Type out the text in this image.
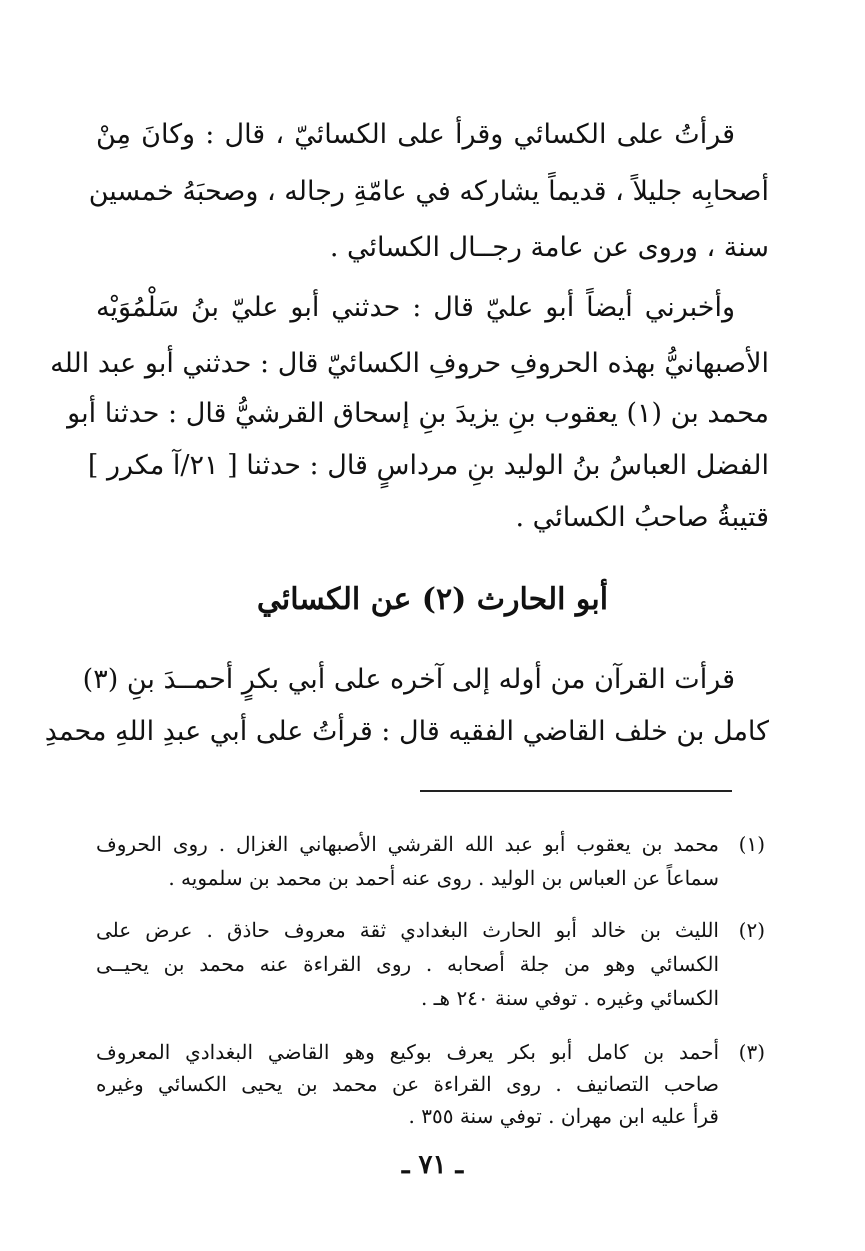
قرأتُ على الكسائي وقرأ على الكسائيّ ، قال : وكانَ مِنْ
أصحابِه جليلاً ، قديماً يشاركه في عامّةِ رجاله ، وصحبَهُ خمسين
سنة ، وروى عن عامة رجــال الكسائي .
وأخبرني أيضاً أبو عليّ قال : حدثني أبو عليّ بنُ سَلْمُوَيْه
الأصبهانيُّ بهذه الحروفِ حروفِ الكسائيّ قال : حدثني أبو عبد الله
محمد بن (١) يعقوب بنِ يزيدَ بنِ إسحاق القرشيُّ قال : حدثنا أبو
الفضل العباسُ بنُ الوليد بنِ مرداسٍ قال : حدثنا [ ٢١/آ مكرر ]
قتيبةُ صاحبُ الكسائي .
أبو الحارث (٢) عن الكسائي
قرأت القرآن من أوله إلى آخره على أبي بكرٍ أحمــدَ بنِ (٣)
كامل بن خلف القاضي الفقيه قال : قرأتُ على أبي عبدِ اللهِ محمدِ
(١)
محمد بن يعقوب أبو عبد الله القرشي الأصبهاني الغزال . روى الحروف
سماعاً عن العباس بن الوليد . روى عنه أحمد بن محمد بن سلمويه .
(٢)
الليث بن خالد أبو الحارث البغدادي ثقة معروف حاذق . عرض على
الكسائي وهو من جلة أصحابه . روى القراءة عنه محمد بن يحيــى
الكسائي وغيره . توفي سنة ٢٤٠ هـ .
(٣)
أحمد بن كامل أبو بكر يعرف بوكيع وهو القاضي البغدادي المعروف
صاحب التصانيف . روى القراءة عن محمد بن يحيى الكسائي وغيره
قرأ عليه ابن مهران . توفي سنة ٣٥٥ .
ـ ٧١ ـ
